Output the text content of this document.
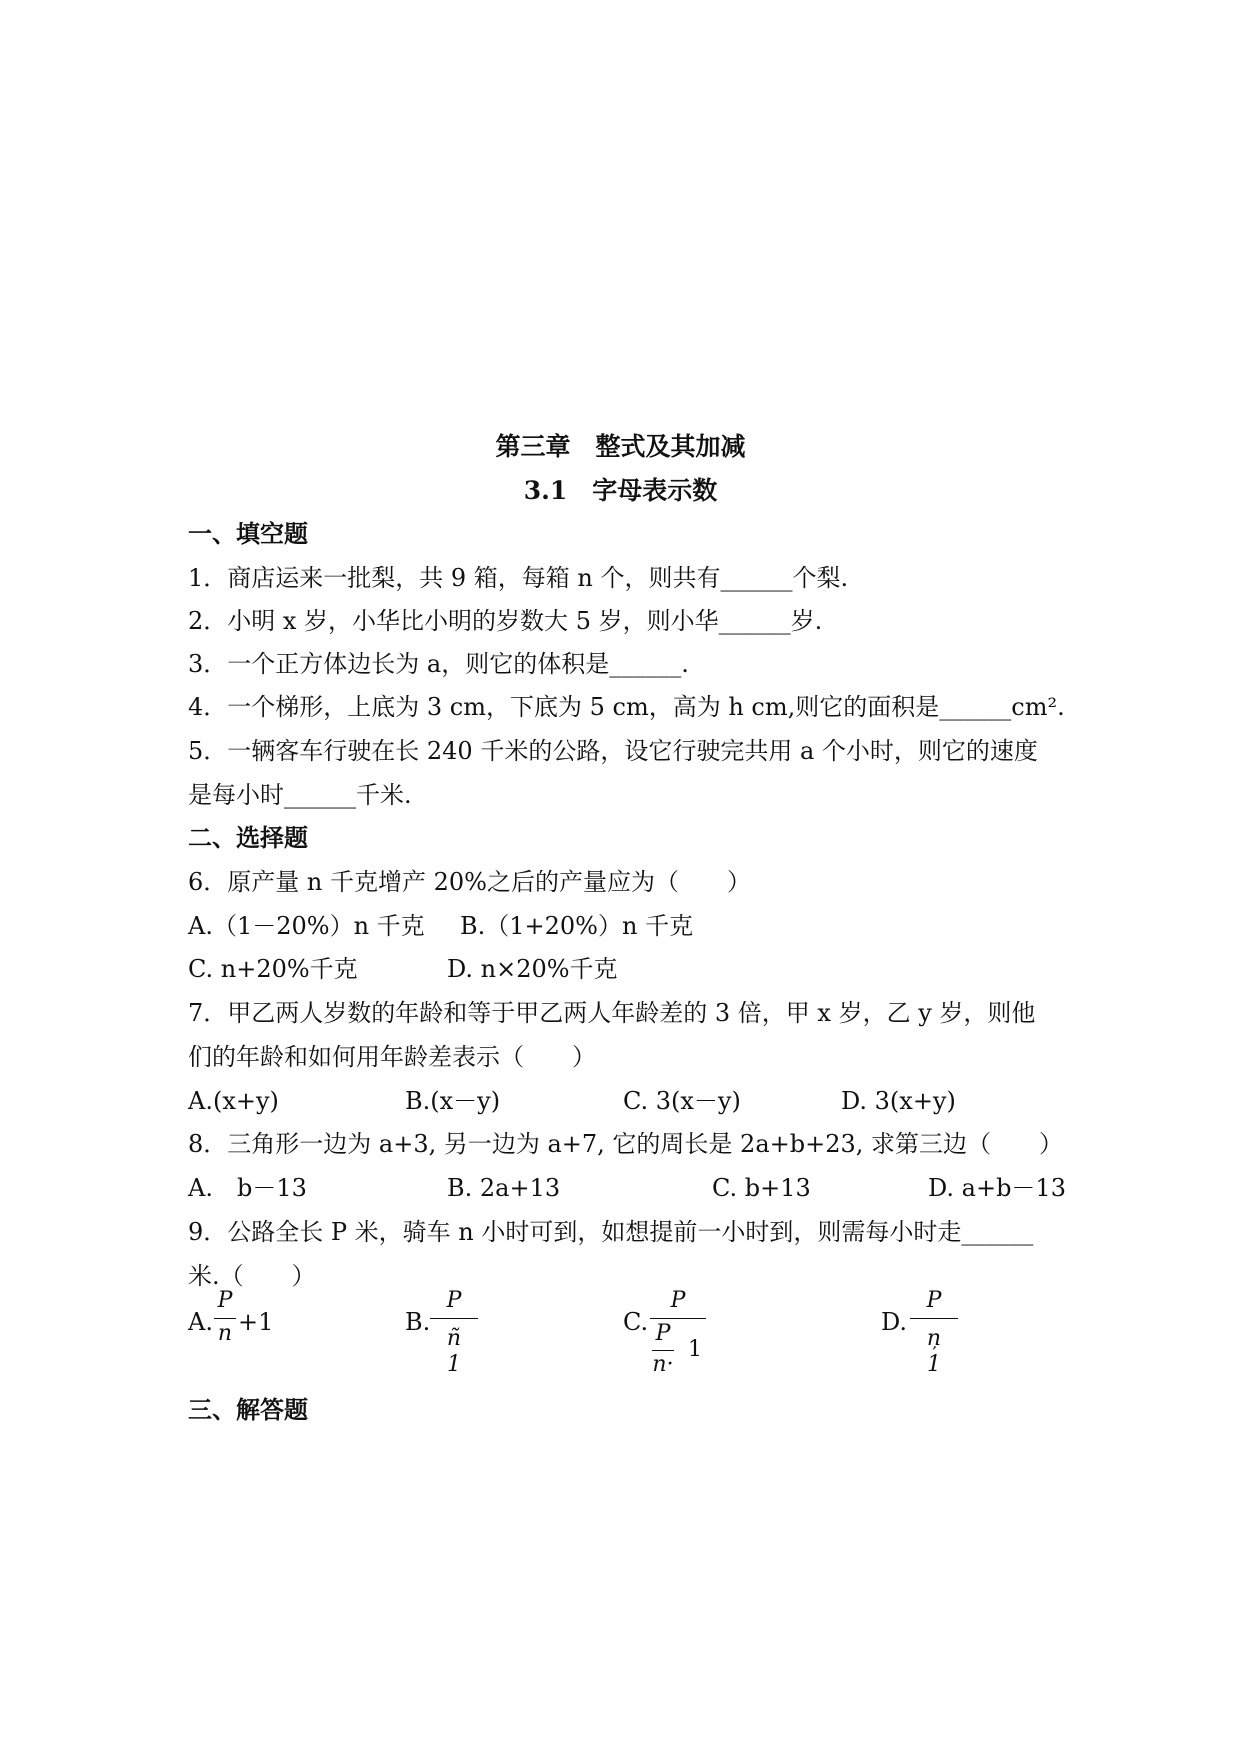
第三章　整式及其加减
3.1　字母表示数
一、填空题
1．商店运来一批梨，共 9 箱，每箱 n 个，则共有______个梨.
2．小明 x 岁，小华比小明的岁数大 5 岁，则小华______岁.
3．一个正方体边长为 a，则它的体积是______.
4．一个梯形，上底为 3 cm，下底为 5 cm，高为 h cm,则它的面积是______cm².
5．一辆客车行驶在长 240 千米的公路，设它行驶完共用 a 个小时，则它的速度
是每小时______千米.
二、选择题
6．原产量 n 千克增产 20%之后的产量应为（　　）
A.（1－20%）n 千克 B.（1+20%）n 千克
C. n+20%千克	D. n×20%千克
7．甲乙两人岁数的年龄和等于甲乙两人年龄差的 3 倍，甲 x 岁，乙 y 岁，则他
们的年龄和如何用年龄差表示（　　）
A.(x+y)	B.(x－y)	C. 3(x－y)	D. 3(x+y)
8．三角形一边为 a+3, 另一边为 a+7, 它的周长是 2a+b+23, 求第三边（　　）
A.　b－13	B. 2a+13	C. b+13	D. a+b－13
9．公路全长 P 米，骑车 n 小时可到，如想提前一小时到，则需每小时走______
米.（　　）
A.
P
n +1	B.
P
ñ　1
C.
P
P
n·
1
D.
P
ņ　1
三、解答题
